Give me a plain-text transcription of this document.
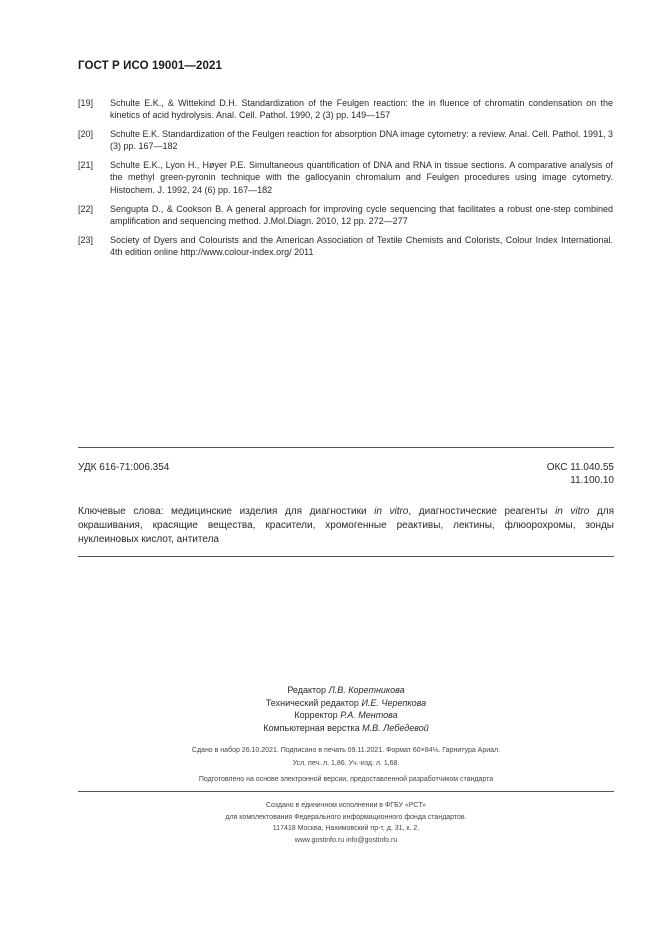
ГОСТ Р ИСО 19001—2021
[19]	Schulte E.K., & Wittekind D.H. Standardization of the Feulgen reaction: the in fluence of chromatin condensation on the kinetics of acid hydrolysis. Anal. Cell. Pathol. 1990, 2 (3) pp. 149—157
[20]	Schulte E.K. Standardization of the Feulgen reaction for absorption DNA image cytometry: a review. Anal. Cell. Pathol. 1991, 3 (3) pp. 167—182
[21]	Schulte E.K., Lyon H., Høyer P.E. Simultaneous quantification of DNA and RNA in tissue sections. A comparative analysis of the methyl green-pyronin technique with the gallocyanin chromalum and Feulgen procedures using image cytometry. Histochem. J. 1992, 24 (6) pp. 167—182
[22]	Sengupta D., & Cookson B. A general approach for improving cycle sequencing that facilitates a robust one-step combined amplification and sequencing method. J.Mol.Diagn. 2010, 12 pp. 272—277
[23]	Society of Dyers and Colourists and the American Association of Textile Chemists and Colorists, Colour Index International. 4th edition online http://www.colour-index.org/ 2011
УДК 616-71:006.354	ОКС 11.040.55
11.100.10
Ключевые слова: медицинские изделия для диагностики in vitro, диагностические реагенты in vitro для окрашивания, красящие вещества, красители, хромогенные реактивы, лектины, флюорохромы, зонды нуклеиновых кислот, антитела
Редактор Л.В. Коретникова
Технический редактор И.Е. Черепкова
Корректор Р.А. Ментова
Компьютерная верстка М.В. Лебедевой
Сдано в набор 26.10.2021. Подписано в печать 09.11.2021. Формат 60×84⅛. Гарнитура Ариал.
Усл. печ. л. 1,86. Уч.-изд. л. 1,68.
Подготовлено на основе электронной версии, предоставленной разработчиком стандарта
Создано в единичном исполнении в ФГБУ «РСТ»
для комплектования Федерального информационного фонда стандартов.
117418 Москва, Нахимовский пр-т, д. 31, к. 2.
www.gostinfo.ru info@gostinfo.ru
